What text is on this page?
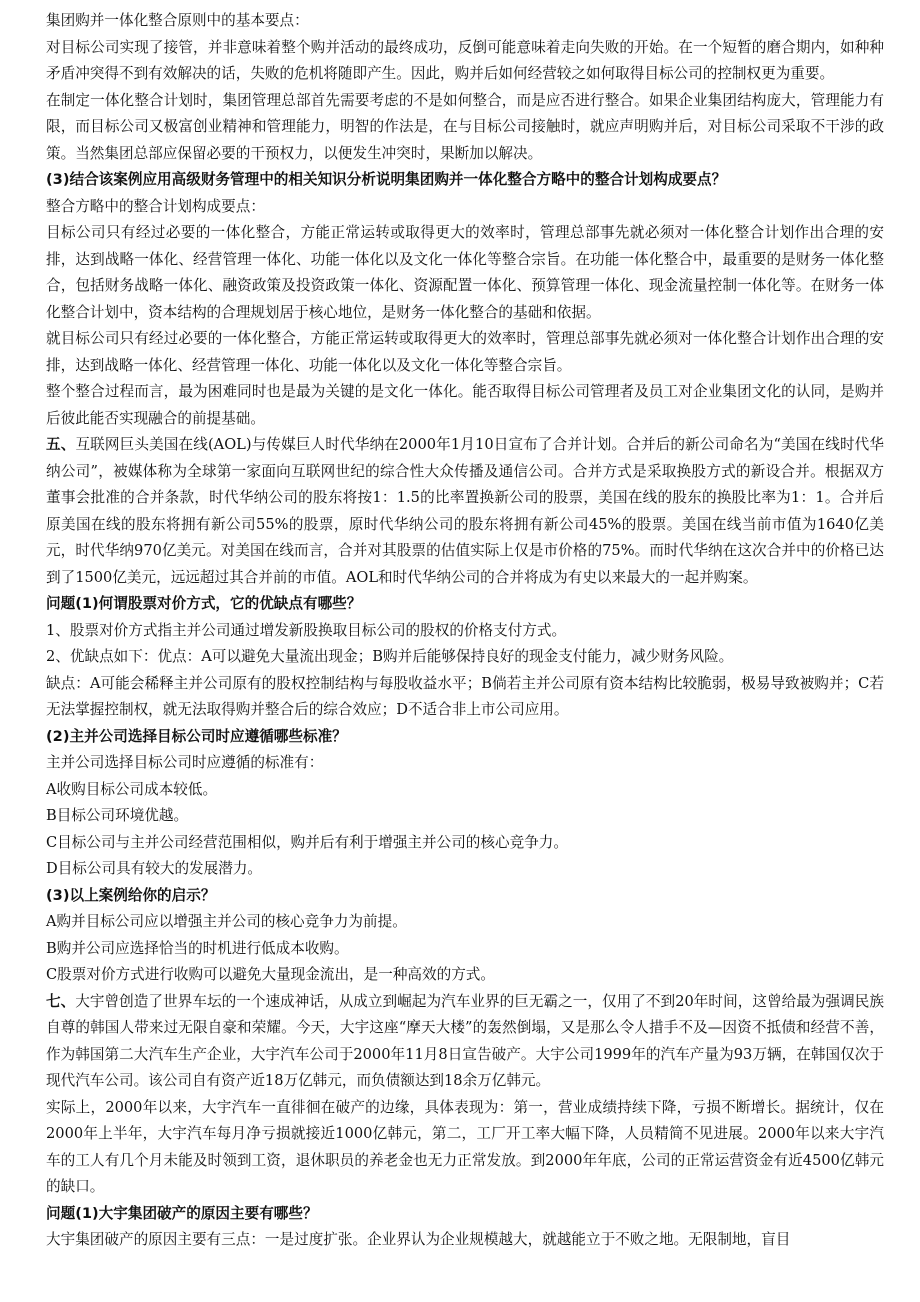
集团购并一体化整合原则中的基本要点：

对目标公司实现了接管，并非意味着整个购并活动的最终成功，反倒可能意味着走向失败的开始。在一个短暂的磨合期内，如种种矛盾冲突得不到有效解决的话，失败的危机将随即产生。因此，购并后如何经营较之如何取得目标公司的控制权更为重要。

在制定一体化整合计划时，集团管理总部首先需要考虑的不是如何整合，而是应否进行整合。如果企业集团结构庞大，管理能力有限，而目标公司又极富创业精神和管理能力，明智的作法是，在与目标公司接触时，就应声明购并后，对目标公司采取不干涉的政策。当然集团总部应保留必要的干预权力，以便发生冲突时，果断加以解决。

(3)结合该案例应用高级财务管理中的相关知识分析说明集团购并一体化整合方略中的整合计划构成要点？

整合方略中的整合计划构成要点：

目标公司只有经过必要的一体化整合，方能正常运转或取得更大的效率时，管理总部事先就必须对一体化整合计划作出合理的安排，达到战略一体化、经营管理一体化、功能一体化以及文化一体化等整合宗旨。在功能一体化整合中，最重要的是财务一体化整合，包括财务战略一体化、融资政策及投资政策一体化、资源配置一体化、预算管理一体化、现金流量控制一体化等。在财务一体化整合计划中，资本结构的合理规划居于核心地位，是财务一体化整合的基础和依据。

就目标公司只有经过必要的一体化整合，方能正常运转或取得更大的效率时，管理总部事先就必须对一体化整合计划作出合理的安排，达到战略一体化、经营管理一体化、功能一体化以及文化一体化等整合宗旨。

整个整合过程而言，最为困难同时也是最为关键的是文化一体化。能否取得目标公司管理者及员工对企业集团文化的认同，是购并后彼此能否实现融合的前提基础。

五、互联网巨头美国在线(AOL)与传媒巨人时代华纳在2000年1月10日宣布了合并计划。合并后的新公司命名为“美国在线时代华纳公司”，被媒体称为全球第一家面向互联网世纪的综合性大众传播及通信公司。合并方式是采取换股方式的新设合并。根据双方董事会批准的合并条款，时代华纳公司的股东将按1：1.5的比率置换新公司的股票，美国在线的股东的换股比率为1：1。合并后原美国在线的股东将拥有新公司55%的股票，原时代华纳公司的股东将拥有新公司45%的股票。美国在线当前市值为1640亿美元，时代华纳970亿美元。对美国在线而言，合并对其股票的估值实际上仅是市价格的75%。而时代华纳在这次合并中的价格已达到了1500亿美元，远远超过其合并前的市值。AOL和时代华纳公司的合并将成为有史以来最大的一起并购案。

问题(1)何谓股票对价方式，它的优缺点有哪些？

1、股票对价方式指主并公司通过增发新股换取目标公司的股权的价格支付方式。

2、优缺点如下：优点：A可以避免大量流出现金；B购并后能够保持良好的现金支付能力，减少财务风险。

缺点：A可能会稀释主并公司原有的股权控制结构与每股收益水平；B倘若主并公司原有资本结构比较脆弱，极易导致被购并；C若无法掌握控制权，就无法取得购并整合后的综合效应；D不适合非上市公司应用。

(2)主并公司选择目标公司时应遵循哪些标准？

主并公司选择目标公司时应遵循的标准有：

A收购目标公司成本较低。

B目标公司环境优越。

C目标公司与主并公司经营范围相似，购并后有利于增强主并公司的核心竞争力。

D目标公司具有较大的发展潜力。

(3)以上案例给你的启示？

A购并目标公司应以增强主并公司的核心竞争力为前提。

B购并公司应选择恰当的时机进行低成本收购。

C股票对价方式进行收购可以避免大量现金流出，是一种高效的方式。

七、大宇曾创造了世界车坛的一个速成神话，从成立到崛起为汽车业界的巨无霸之一，仅用了不到20年时间，这曾给最为强调民族自尊的韩国人带来过无限自豪和荣耀。今天，大宇这座“摩天大楼”的轰然倒塌，又是那么令人措手不及—因资不抵债和经营不善，作为韩国第二大汽车生产企业，大宇汽车公司于2000年11月8日宣告破产。大宇公司1999年的汽车产量为93万辆，在韩国仅次于现代汽车公司。该公司自有资产近18万亿韩元，而负债额达到18余万亿韩元。

实际上，2000年以来，大宇汽车一直徘徊在破产的边缘，具体表现为：第一，营业成绩持续下降，亏损不断增长。据统计，仅在2000年上半年，大宇汽车每月净亏损就接近1000亿韩元，第二，工厂开工率大幅下降，人员精简不见进展。2000年以来大宇汽车的工人有几个月未能及时领到工资，退休职员的养老金也无力正常发放。到2000年年底，公司的正常运营资金有近4500亿韩元的缺口。

问题(1)大宇集团破产的原因主要有哪些？

大宇集团破产的原因主要有三点：一是过度扩张。企业界认为企业规模越大，就越能立于不败之地。无限制地，盲目
